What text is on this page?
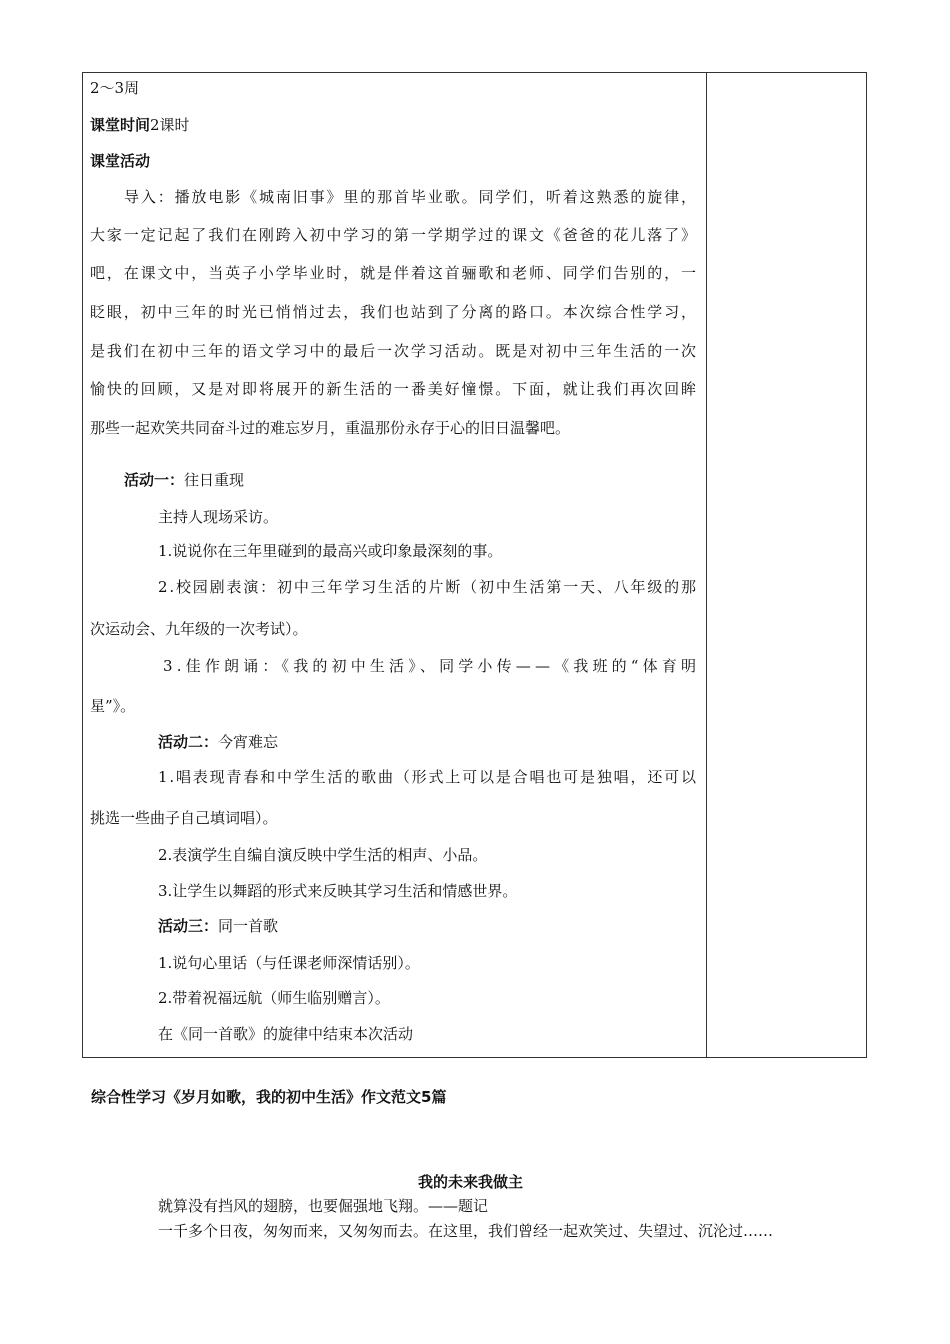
2～3周
课堂时间2课时
课堂活动
导入：播放电影《城南旧事》里的那首毕业歌。同学们，听着这熟悉的旋律，
大家一定记起了我们在刚跨入初中学习的第一学期学过的课文《爸爸的花儿落了》
吧，在课文中，当英子小学毕业时，就是伴着这首骊歌和老师、同学们告别的，一
眨眼，初中三年的时光已悄悄过去，我们也站到了分离的路口。本次综合性学习，
是我们在初中三年的语文学习中的最后一次学习活动。既是对初中三年生活的一次
愉快的回顾，又是对即将展开的新生活的一番美好憧憬。下面，就让我们再次回眸
那些一起欢笑共同奋斗过的难忘岁月，重温那份永存于心的旧日温馨吧。
活动一：往日重现
主持人现场采访。
1.说说你在三年里碰到的最高兴或印象最深刻的事。
2.校园剧表演：初中三年学习生活的片断（初中生活第一天、八年级的那
次运动会、九年级的一次考试）。
3.佳作朗诵：《我的初中生活》、同学小传——《我班的“体育明
星”》。
活动二：今宵难忘
1.唱表现青春和中学生活的歌曲（形式上可以是合唱也可是独唱，还可以
挑选一些曲子自己填词唱）。
2.表演学生自编自演反映中学生活的相声、小品。
3.让学生以舞蹈的形式来反映其学习生活和情感世界。
活动三：同一首歌
1.说句心里话（与任课老师深情话别）。
2.带着祝福远航（师生临别赠言）。
在《同一首歌》的旋律中结束本次活动
综合性学习《岁月如歌，我的初中生活》作文范文5篇
我的未来我做主
就算没有挡风的翅膀，也要倔强地飞翔。——题记
一千多个日夜，匆匆而来，又匆匆而去。在这里，我们曾经一起欢笑过、失望过、沉沦过……
